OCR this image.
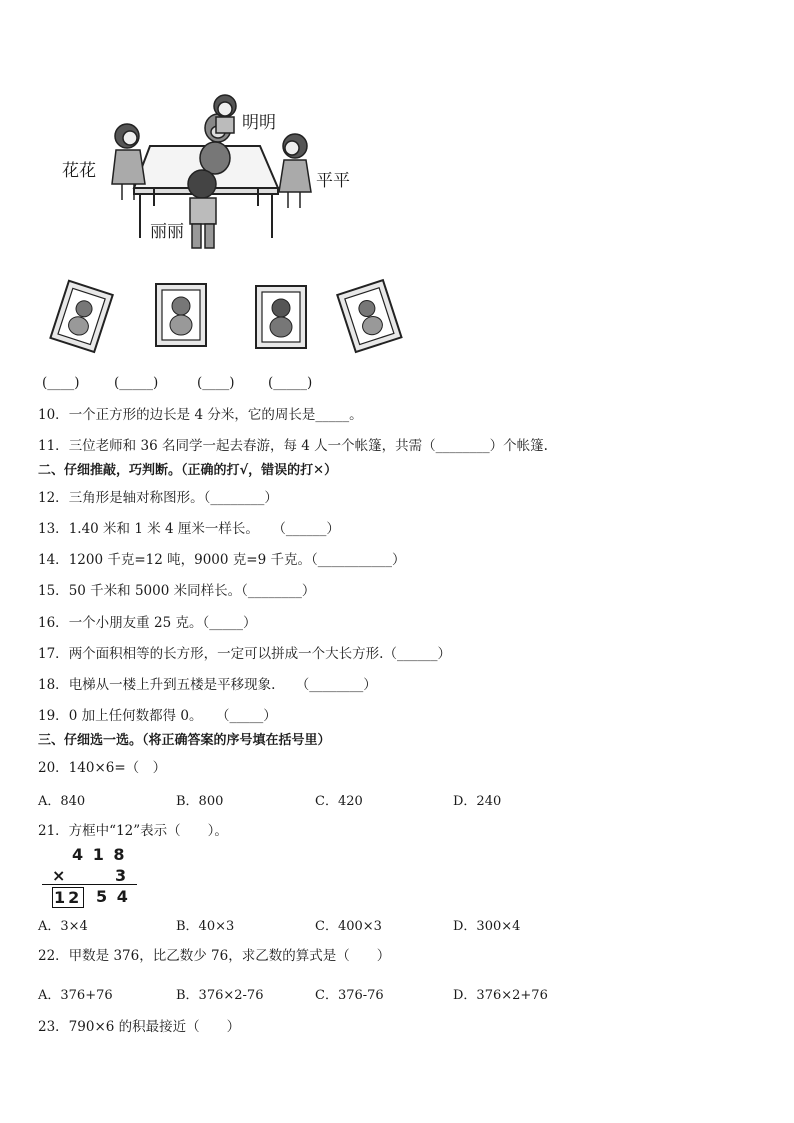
明明
花花	平平
丽丽
(____)	(_____)	(____) (_____)
10．一个正方形的边长是 4 分米，它的周长是_____。
11．三位老师和 36 名同学一起去春游，每 4 人一个帐篷，共需（________）个帐篷.
二、仔细推敲，巧判断。（正确的打√，错误的打✕）
12．三角形是轴对称图形。（________）
13．1.40 米和 1 米 4 厘米一样长。　　（______）
14．1200 千克=12 吨，9000 克=9 千克。（___________）
15．50 千米和 5000 米同样长。（________）
16．一个小朋友重 25 克。（_____）
17．两个面积相等的长方形，一定可以拼成一个大长方形.（______）
18．电梯从一楼上升到五楼是平移现象.　　（________）
19．0 加上任何数都得 0。　　（_____）
三、仔细选一选。（将正确答案的序号填在括号里）
20．140×6=（　）
A．840	B．800	C．420	D．240
21．方框中“12”表示（　　）。
4 1 8
×	3
12 5 4
A．3×4	B．40×3	C．400×3	D．300×4
22．甲数是 376，比乙数少 76，求乙数的算式是（　　）
A．376+76	B．376×2-76	C．376-76	D．376×2+76
23．790×6 的积最接近（　　）
